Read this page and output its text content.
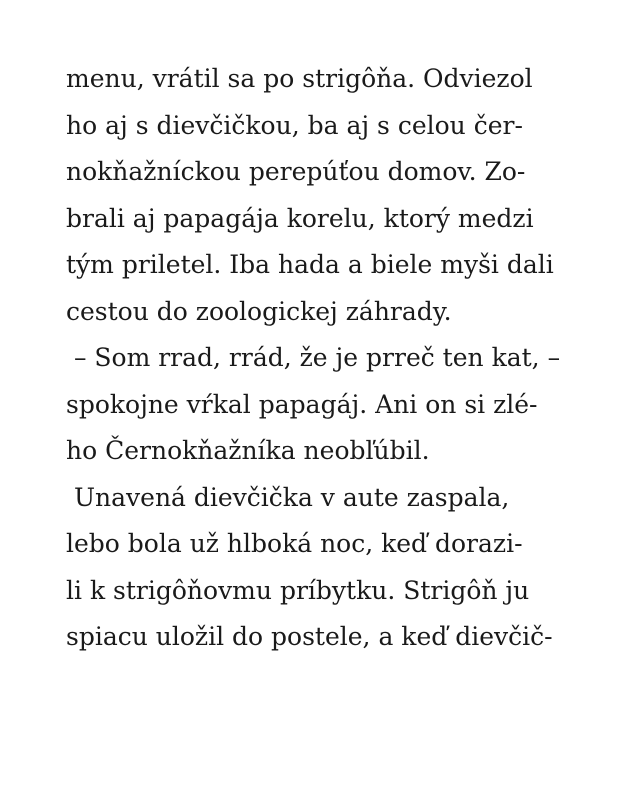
menu, vrátil sa po strigôňa. Odviezol
ho aj s dievčičkou, ba aj s celou čer-
nokňažníckou perepúťou domov. Zo-
brali aj papagája korelu, ktorý medzi
tým priletel. Iba hada a biele myši dali
cestou do zoologickej záhrady.
– Som rrad, rrád, že je prreč ten kat, –
spokojne vŕkal papagáj. Ani on si zlé-
ho Černokňažníka neobľúbil.
Unavená dievčička v aute zaspala,
lebo bola už hlboká noc, keď dorazi-
li k strigôňovmu príbytku. Strigôň ju
spiacu uložil do postele, a keď dievčič-
